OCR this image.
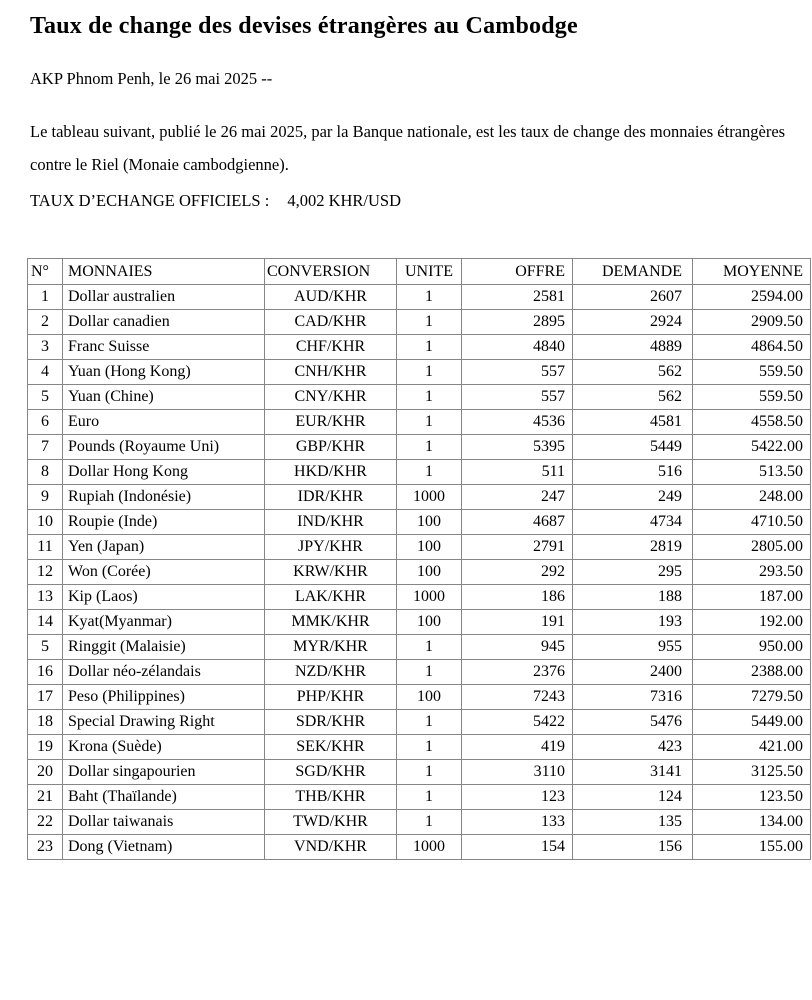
Taux de change des devises étrangères au Cambodge

AKP Phnom Penh, le 26 mai 2025 --

Le tableau suivant, publié le 26 mai 2025, par la Banque nationale, est les taux de change des monnaies étrangères contre le Riel (Monaie cambodgienne).

TAUX D’ECHANGE OFFICIELS : 4,002 KHR/USD

N°	MONNAIES	CONVERSION	UNITE	OFFRE	DEMANDE	MOYENNE
1	Dollar australien	AUD/KHR	1	2581	2607	2594.00
2	Dollar canadien	CAD/KHR	1	2895	2924	2909.50
3	Franc Suisse	CHF/KHR	1	4840	4889	4864.50
4	Yuan (Hong Kong)	CNH/KHR	1	557	562	559.50
5	Yuan (Chine)	CNY/KHR	1	557	562	559.50
6	Euro	EUR/KHR	1	4536	4581	4558.50
7	Pounds (Royaume Uni)	GBP/KHR	1	5395	5449	5422.00
8	Dollar Hong Kong	HKD/KHR	1	511	516	513.50
9	Rupiah (Indonésie)	IDR/KHR	1000	247	249	248.00
10	Roupie (Inde)	IND/KHR	100	4687	4734	4710.50
11	Yen (Japan)	JPY/KHR	100	2791	2819	2805.00
12	Won (Corée)	KRW/KHR	100	292	295	293.50
13	Kip (Laos)	LAK/KHR	1000	186	188	187.00
14	Kyat(Myanmar)	MMK/KHR	100	191	193	192.00
5	Ringgit (Malaisie)	MYR/KHR	1	945	955	950.00
16	Dollar néo-zélandais	NZD/KHR	1	2376	2400	2388.00
17	Peso (Philippines)	PHP/KHR	100	7243	7316	7279.50
18	Special Drawing Right	SDR/KHR	1	5422	5476	5449.00
19	Krona (Suède)	SEK/KHR	1	419	423	421.00
20	Dollar singapourien	SGD/KHR	1	3110	3141	3125.50
21	Baht (Thaïlande)	THB/KHR	1	123	124	123.50
22	Dollar taiwanais	TWD/KHR	1	133	135	134.00
23	Dong (Vietnam)	VND/KHR	1000	154	156	155.00
